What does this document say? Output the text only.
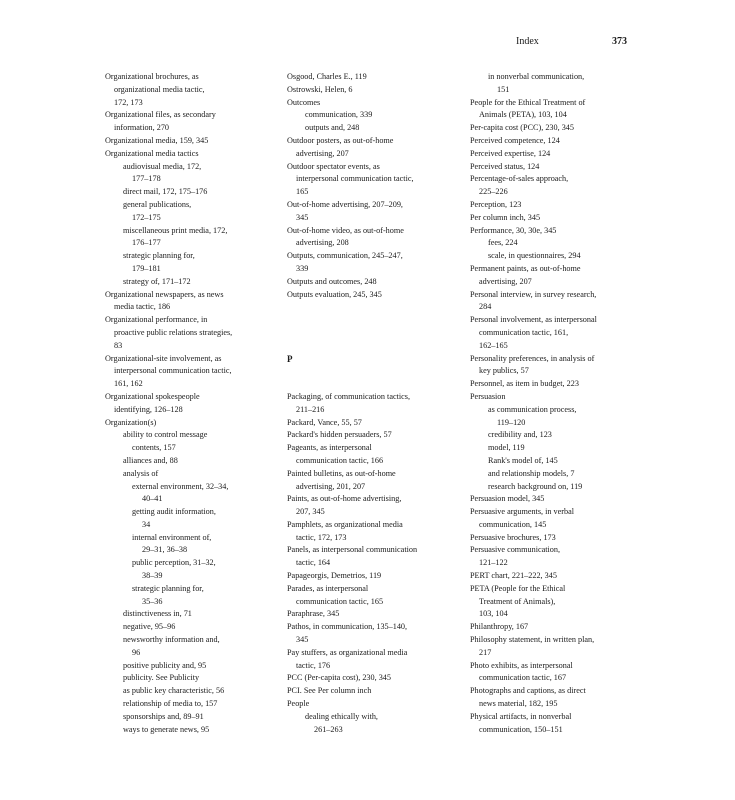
Index	373
Organizational brochures, as
organizational media tactic,
172, 173
Organizational files, as secondary
information, 270
Organizational media, 159, 345
Organizational media tactics
audiovisual media, 172,
177–178
direct mail, 172, 175–176
general publications,
172–175
miscellaneous print media, 172,
176–177
strategic planning for,
179–181
strategy of, 171–172
Organizational newspapers, as news
media tactic, 186
Organizational performance, in
proactive public relations strategies,
83
Organizational-site involvement, as
interpersonal communication tactic,
161, 162
Organizational spokespeople
identifying, 126–128
Organization(s)
ability to control message
contents, 157
alliances and, 88
analysis of
external environment, 32–34,
40–41
getting audit information,
34
internal environment of,
29–31, 36–38
public perception, 31–32,
38–39
strategic planning for,
35–36
distinctiveness in, 71
negative, 95–96
newsworthy information and,
96
positive publicity and, 95
publicity. See Publicity
as public key characteristic, 56
relationship of media to, 157
sponsorships and, 89–91
ways to generate news, 95
Osgood, Charles E., 119
Ostrowski, Helen, 6
Outcomes
communication, 339
outputs and, 248
Outdoor posters, as out-of-home
advertising, 207
Outdoor spectator events, as
interpersonal communication tactic,
165
Out-of-home advertising, 207–209,
345
Out-of-home video, as out-of-home
advertising, 208
Outputs, communication, 245–247,
339
Outputs and outcomes, 248
Outputs evaluation, 245, 345
P
Packaging, of communication tactics,
211–216
Packard, Vance, 55, 57
Packard's hidden persuaders, 57
Pageants, as interpersonal
communication tactic, 166
Painted bulletins, as out-of-home
advertising, 201, 207
Paints, as out-of-home advertising,
207, 345
Pamphlets, as organizational media
tactic, 172, 173
Panels, as interpersonal communication
tactic, 164
Papageorgis, Demetrios, 119
Parades, as interpersonal
communication tactic, 165
Paraphrase, 345
Pathos, in communication, 135–140,
345
Pay stuffers, as organizational media
tactic, 176
PCC (Per-capita cost), 230, 345
PCI. See Per column inch
People
dealing ethically with,
261–263
in nonverbal communication,
151
People for the Ethical Treatment of
Animals (PETA), 103, 104
Per-capita cost (PCC), 230, 345
Perceived competence, 124
Perceived expertise, 124
Perceived status, 124
Percentage-of-sales approach,
225–226
Perception, 123
Per column inch, 345
Performance, 30, 30e, 345
fees, 224
scale, in questionnaires, 294
Permanent paints, as out-of-home
advertising, 207
Personal interview, in survey research,
284
Personal involvement, as interpersonal
communication tactic, 161,
162–165
Personality preferences, in analysis of
key publics, 57
Personnel, as item in budget, 223
Persuasion
as communication process,
119–120
credibility and, 123
model, 119
Rank's model of, 145
and relationship models, 7
research background on, 119
Persuasion model, 345
Persuasive arguments, in verbal
communication, 145
Persuasive brochures, 173
Persuasive communication,
121–122
PERT chart, 221–222, 345
PETA (People for the Ethical
Treatment of Animals),
103, 104
Philanthropy, 167
Philosophy statement, in written plan,
217
Photo exhibits, as interpersonal
communication tactic, 167
Photographs and captions, as direct
news material, 182, 195
Physical artifacts, in nonverbal
communication, 150–151
